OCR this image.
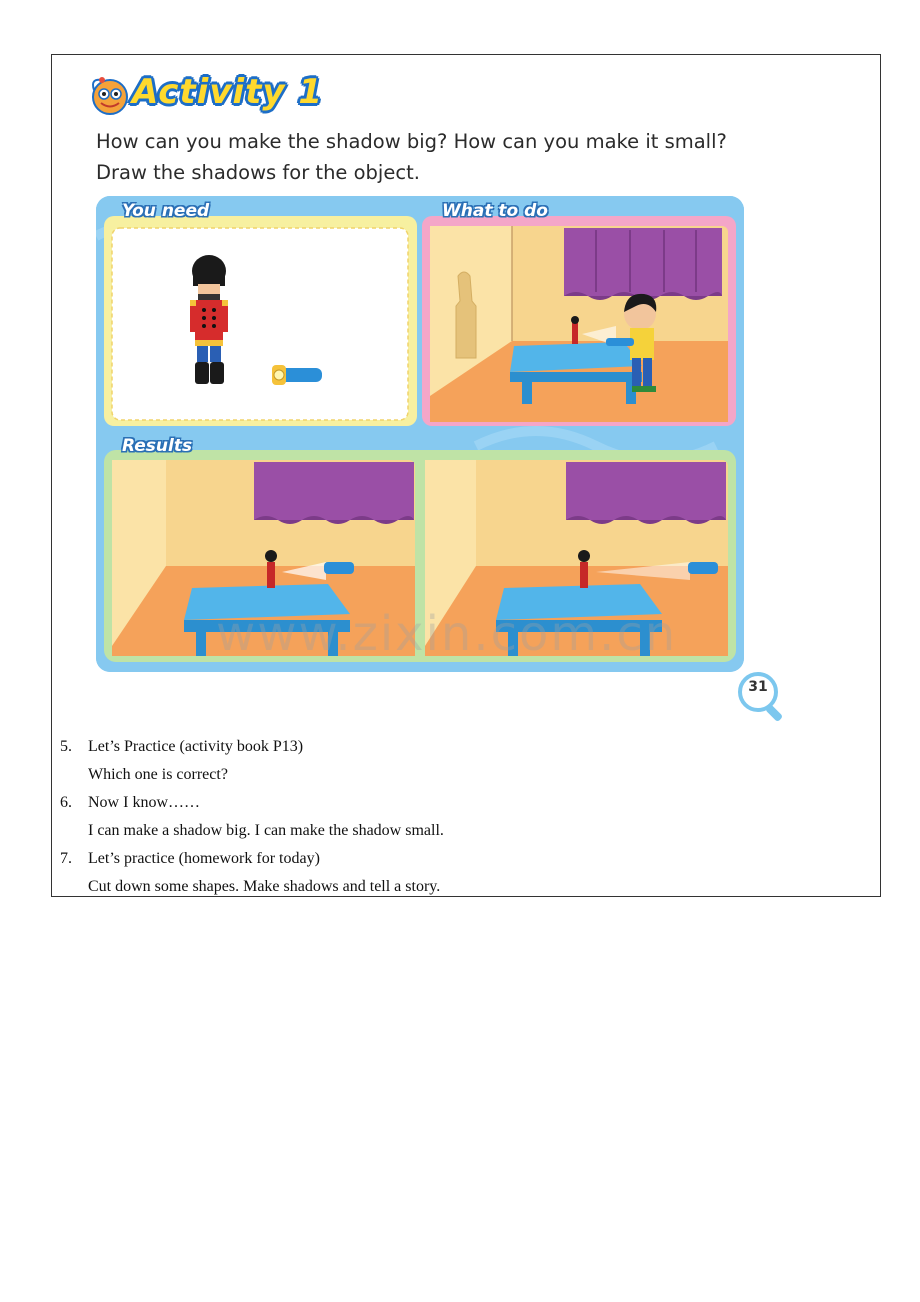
Activity 1
How can you make the shadow big? How can you make it small?
Draw the shadows for the object.
You need	What to do
Results
www.zixin.com.cn
31
5.	Let’s Practice (activity book P13)
Which one is correct?
6.	Now I know……
I can make a shadow big. I can make the shadow small.
7.	Let’s practice (homework for today)
Cut down some shapes. Make shadows and tell a story.
